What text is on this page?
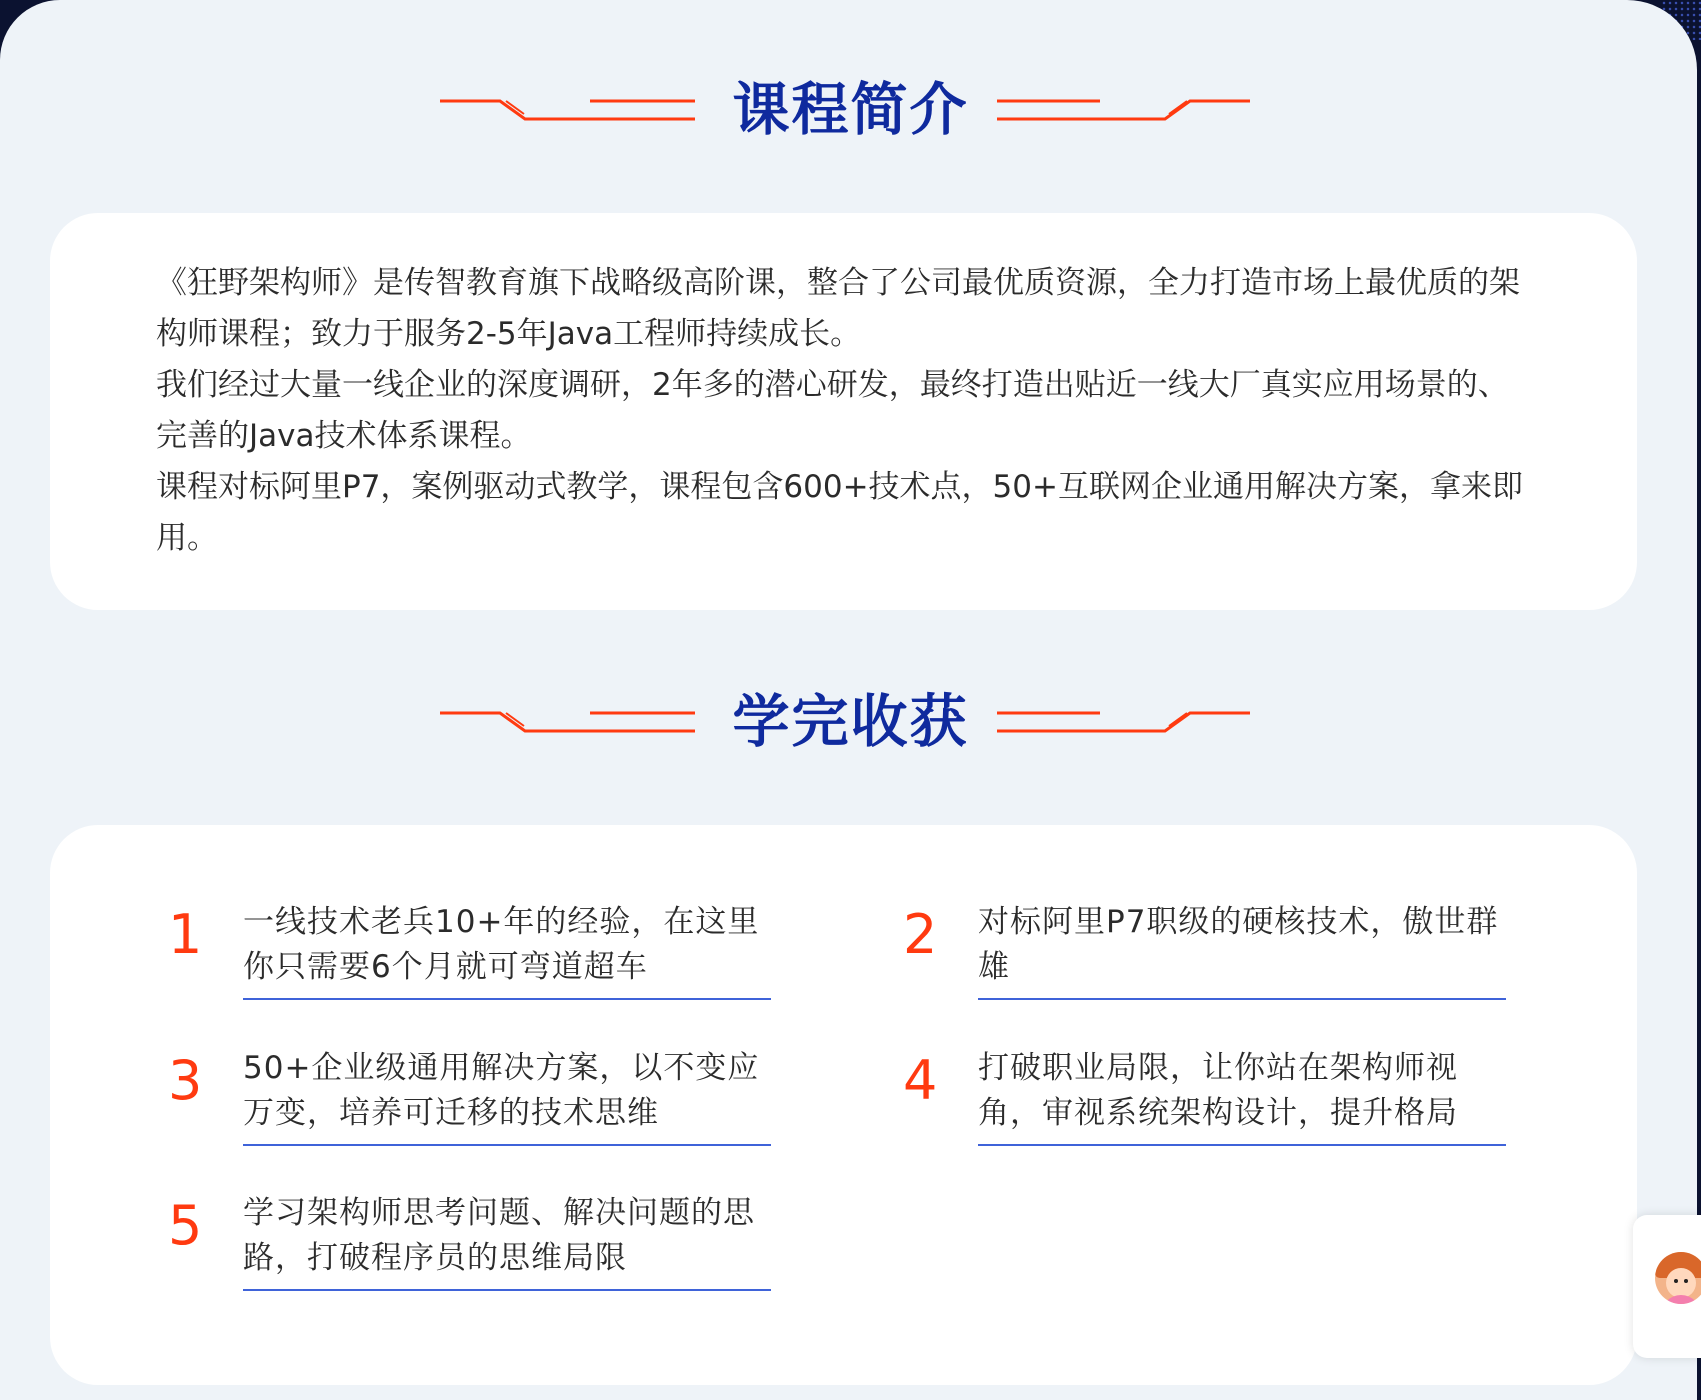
课程简介

《狂野架构师》是传智教育旗下战略级高阶课，整合了公司最优质资源，全力打造市场上最优质的架构师课程；致力于服务2-5年Java工程师持续成长。

我们经过大量一线企业的深度调研，2年多的潜心研发，最终打造出贴近一线大厂真实应用场景的、完善的Java技术体系课程。

课程对标阿里P7，案例驱动式教学，课程包含600+技术点，50+互联网企业通用解决方案，拿来即用。

学完收获
1 一线技术老兵10+年的经验，在这里你只需要6个月就可弯道超车
2 对标阿里P7职级的硬核技术，傲世群雄
3 50+企业级通用解决方案，以不变应万变，培养可迁移的技术思维
4 打破职业局限，让你站在架构师视角，审视系统架构设计，提升格局
5 学习架构师思考问题、解决问题的思路，打破程序员的思维局限
